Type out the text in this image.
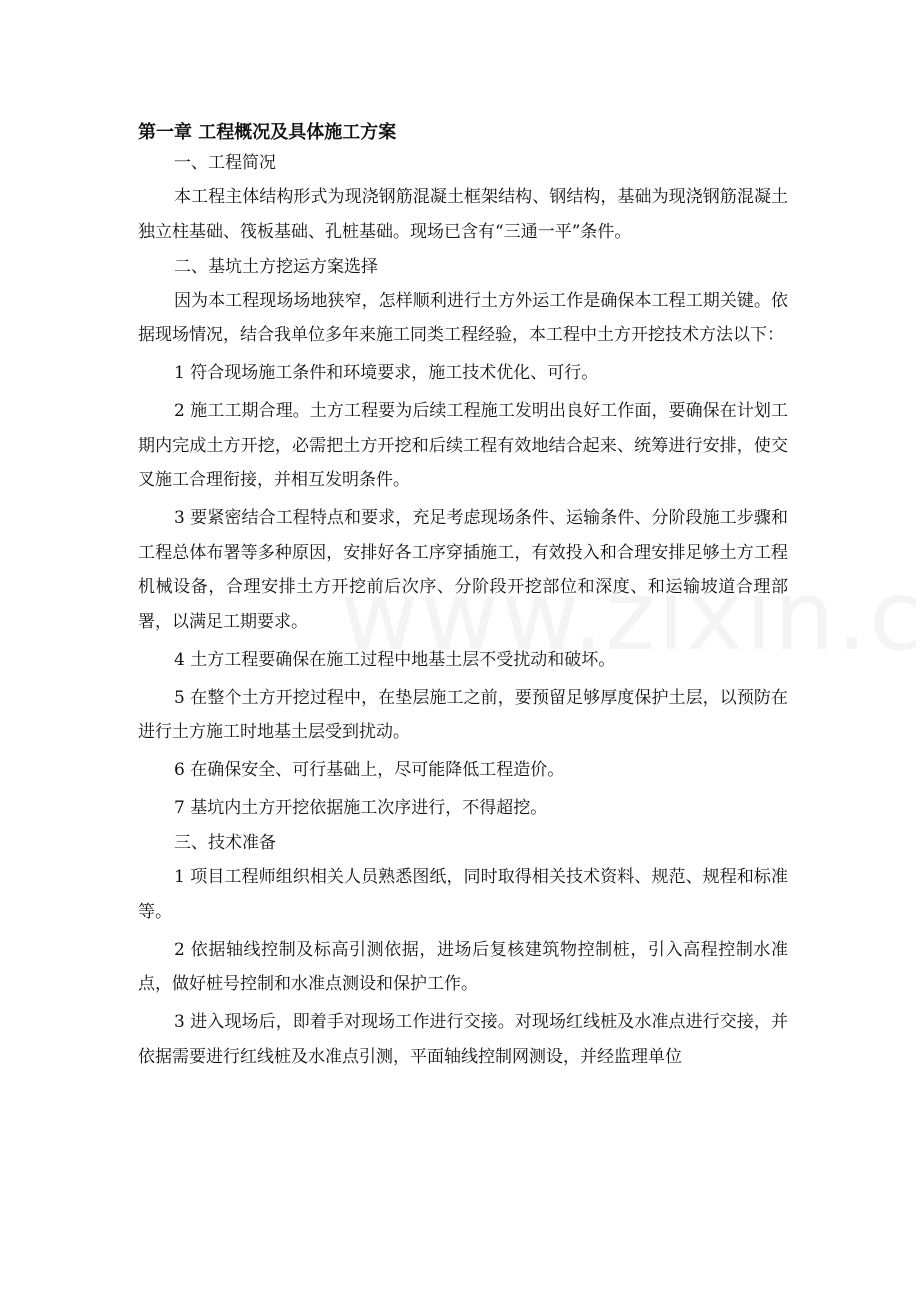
第一章 工程概况及具体施工方案

一、工程简况

本工程主体结构形式为现浇钢筋混凝土框架结构、钢结构，基础为现浇钢筋混凝土独立柱基础、筏板基础、孔桩基础。现场已含有“三通一平”条件。

二、基坑土方挖运方案选择

因为本工程现场场地狭窄，怎样顺利进行土方外运工作是确保本工程工期关键。依据现场情况，结合我单位多年来施工同类工程经验，本工程中土方开挖技术方法以下：

1 符合现场施工条件和环境要求，施工技术优化、可行。

2 施工工期合理。土方工程要为后续工程施工发明出良好工作面，要确保在计划工期内完成土方开挖，必需把土方开挖和后续工程有效地结合起来、统筹进行安排，使交叉施工合理衔接，并相互发明条件。

3 要紧密结合工程特点和要求，充足考虑现场条件、运输条件、分阶段施工步骤和工程总体布署等多种原因，安排好各工序穿插施工，有效投入和合理安排足够土方工程机械设备，合理安排土方开挖前后次序、分阶段开挖部位和深度、和运输坡道合理部署，以满足工期要求。

4 土方工程要确保在施工过程中地基土层不受扰动和破坏。

5 在整个土方开挖过程中，在垫层施工之前，要预留足够厚度保护土层，以预防在进行土方施工时地基土层受到扰动。

6 在确保安全、可行基础上，尽可能降低工程造价。

7 基坑内土方开挖依据施工次序进行，不得超挖。

三、技术准备

1 项目工程师组织相关人员熟悉图纸，同时取得相关技术资料、规范、规程和标准等。

2 依据轴线控制及标高引测依据，进场后复核建筑物控制桩，引入高程控制水准点，做好桩号控制和水准点测设和保护工作。

3 进入现场后，即着手对现场工作进行交接。对现场红线桩及水准点进行交接，并依据需要进行红线桩及水准点引测，平面轴线控制网测设，并经监理单位
